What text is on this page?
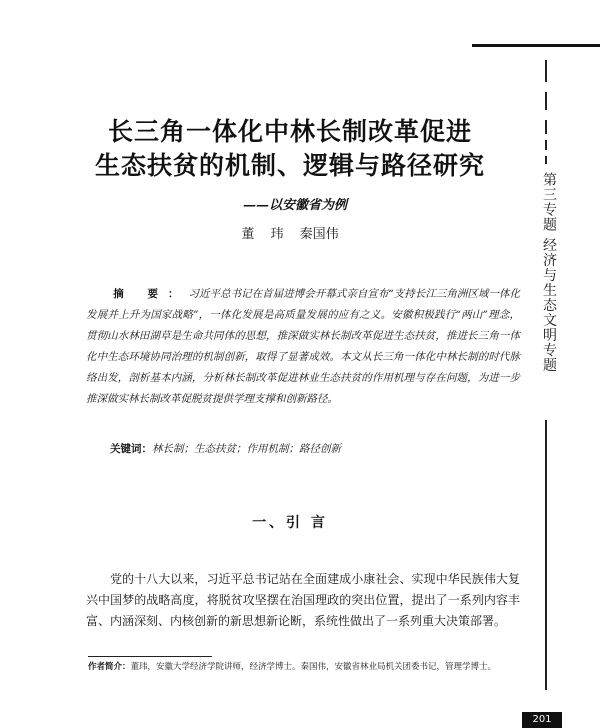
第三专题 经济与生态文明专题
长三角一体化中林长制改革促进
生态扶贫的机制、逻辑与路径研究
——以安徽省为例
董 玮 秦国伟

摘 要：习近平总书记在首届进博会开幕式亲自宣布“支持长江三角洲区域一体化发展并上升为国家战略”，一体化发展是高质量发展的应有之义。安徽积极践行“两山”理念，贯彻山水林田湖草是生命共同体的思想，推深做实林长制改革促进生态扶贫，推进长三角一体化中生态环境协同治理的机制创新，取得了显著成效。本文从长三角一体化中林长制的时代脉络出发，剖析基本内涵，分析林长制改革促进林业生态扶贫的作用机理与存在问题，为进一步推深做实林长制改革促脱贫提供学理支撑和创新路径。

关键词：林长制；生态扶贫；作用机制；路径创新

一、引 言

党的十八大以来，习近平总书记站在全面建成小康社会、实现中华民族伟大复兴中国梦的战略高度，将脱贫攻坚摆在治国理政的突出位置，提出了一系列内容丰富、内涵深刻、内核创新的新思想新论断，系统性做出了一系列重大决策部署。

作者简介：董玮，安徽大学经济学院讲师，经济学博士。秦国伟，安徽省林业局机关团委书记，管理学博士。

201
